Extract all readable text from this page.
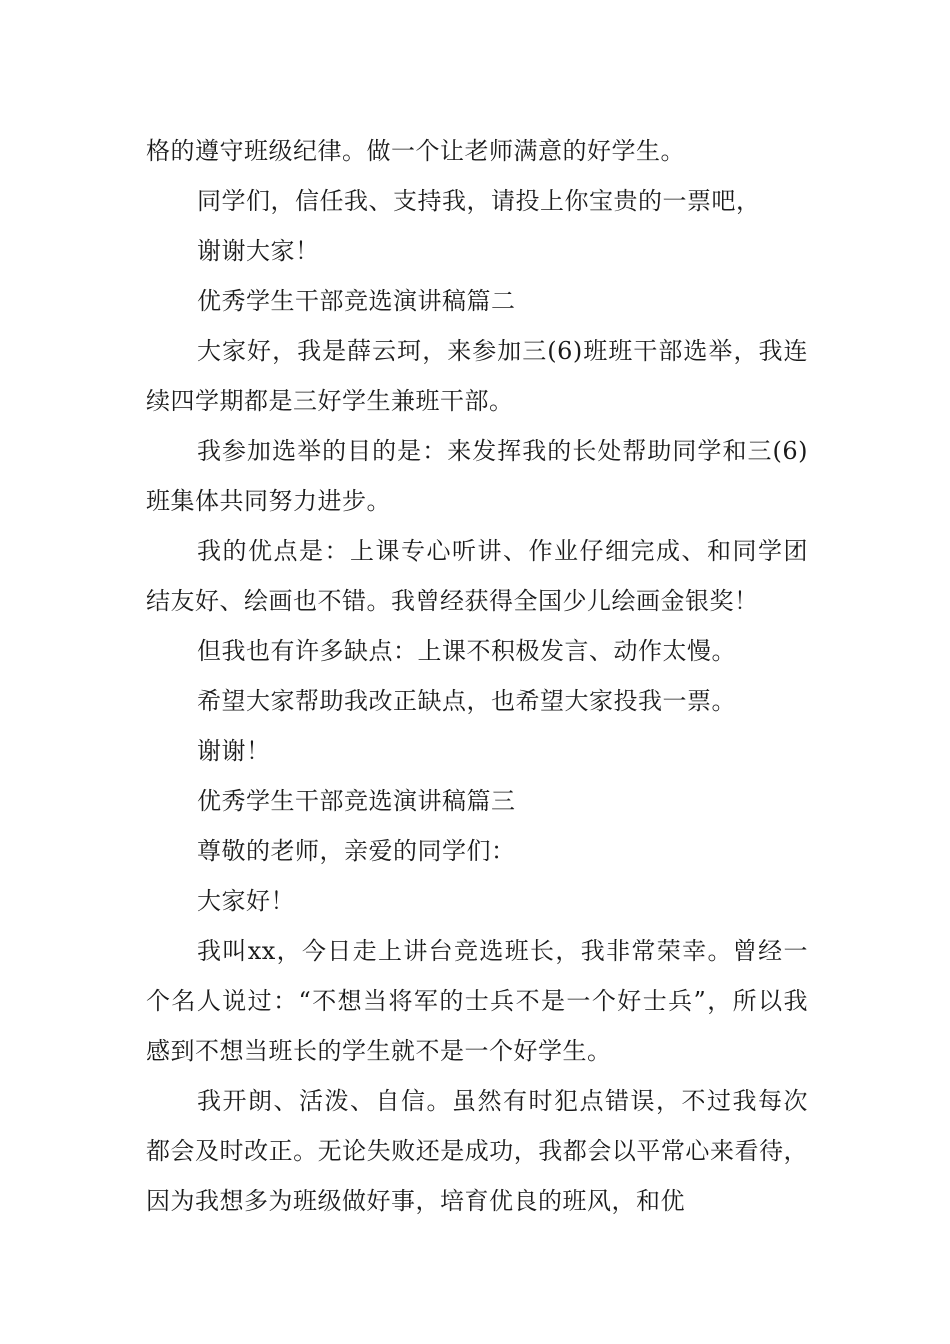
格的遵守班级纪律。做一个让老师满意的好学生。

同学们，信任我、支持我，请投上你宝贵的一票吧，

谢谢大家！

优秀学生干部竞选演讲稿篇二

大家好，我是薛云珂，来参加三(6)班班干部选举，我连续四学期都是三好学生兼班干部。

我参加选举的目的是：来发挥我的长处帮助同学和三(6)班集体共同努力进步。

我的优点是：上课专心听讲、作业仔细完成、和同学团结友好、绘画也不错。我曾经获得全国少儿绘画金银奖！

但我也有许多缺点：上课不积极发言、动作太慢。

希望大家帮助我改正缺点，也希望大家投我一票。

谢谢！

优秀学生干部竞选演讲稿篇三

尊敬的老师，亲爱的同学们：

大家好！

我叫xx，今日走上讲台竞选班长，我非常荣幸。曾经一个名人说过：“不想当将军的士兵不是一个好士兵”，所以我感到不想当班长的学生就不是一个好学生。

我开朗、活泼、自信。虽然有时犯点错误，不过我每次都会及时改正。无论失败还是成功，我都会以平常心来看待，因为我想多为班级做好事，培育优良的班风，和优
